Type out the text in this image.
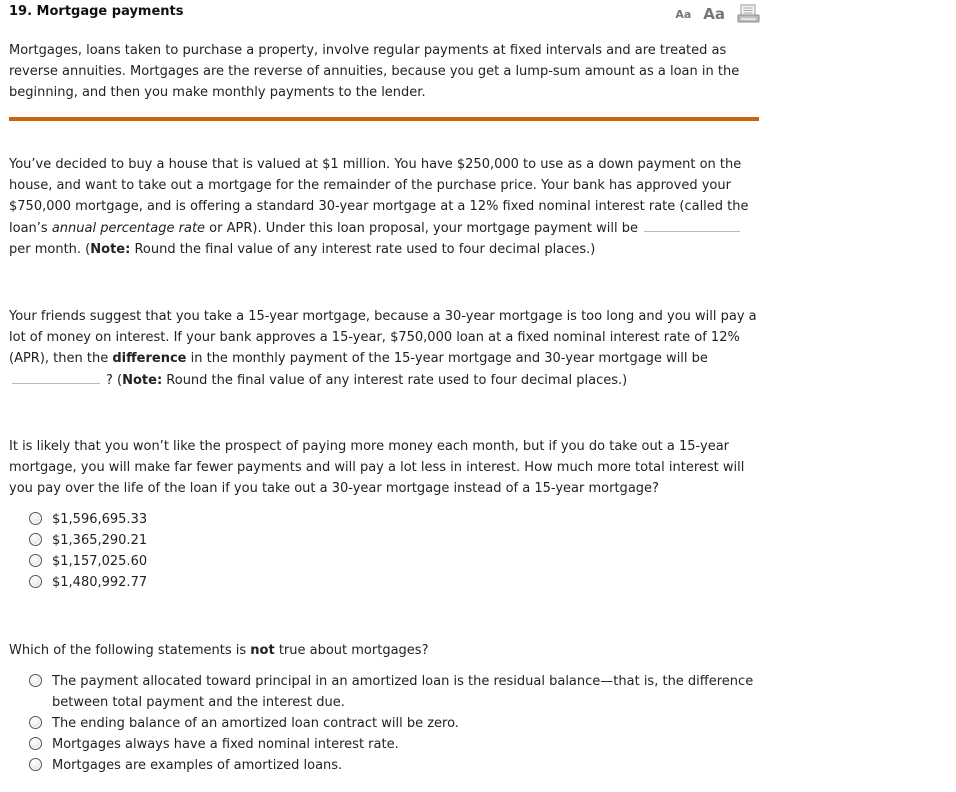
19. Mortgage payments	Aa Aa
Mortgages, loans taken to purchase a property, involve regular payments at fixed intervals and are treated as reverse annuities. Mortgages are the reverse of annuities, because you get a lump-sum amount as a loan in the beginning, and then you make monthly payments to the lender.
You’ve decided to buy a house that is valued at $1 million. You have $250,000 to use as a down payment on the house, and want to take out a mortgage for the remainder of the purchase price. Your bank has approved your $750,000 mortgage, and is offering a standard 30-year mortgage at a 12% fixed nominal interest rate (called the loan’s annual percentage rate or APR). Under this loan proposal, your mortgage payment will beper month. (Note: Round the final value of any interest rate used to four decimal places.)
Your friends suggest that you take a 15-year mortgage, because a 30-year mortgage is too long and you will pay a lot of money on interest. If your bank approves a 15-year, $750,000 loan at a fixed nominal interest rate of 12% (APR), then the difference in the monthly payment of the 15-year mortgage and 30-year mortgage will be
? (Note: Round the final value of any interest rate used to four decimal places.)
It is likely that you won’t like the prospect of paying more money each month, but if you do take out a 15-year mortgage, you will make far fewer payments and will pay a lot less in interest. How much more total interest will you pay over the life of the loan if you take out a 30-year mortgage instead of a 15-year mortgage?
$1,596,695.33
$1,365,290.21
$1,157,025.60
$1,480,992.77
Which of the following statements is not true about mortgages?
The payment allocated toward principal in an amortized loan is the residual balance—that is, the difference between total payment and the interest due.
The ending balance of an amortized loan contract will be zero.
Mortgages always have a fixed nominal interest rate.
Mortgages are examples of amortized loans.
